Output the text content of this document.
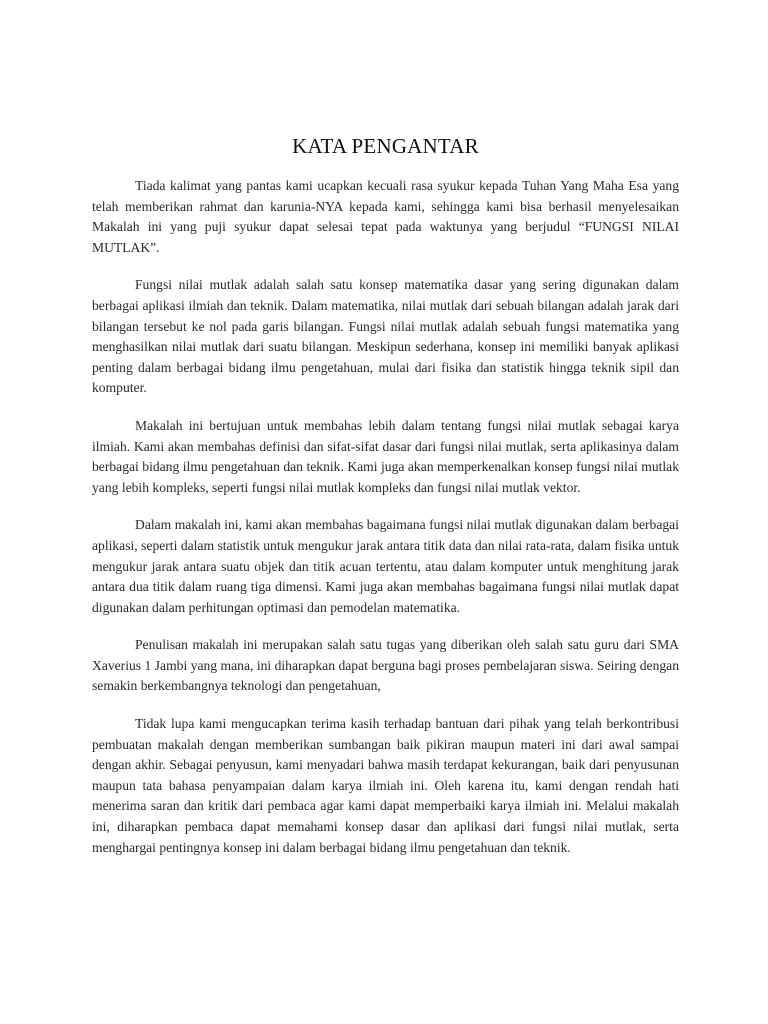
KATA PENGANTAR

Tiada kalimat yang pantas kami ucapkan kecuali rasa syukur kepada Tuhan Yang Maha Esa yang telah memberikan rahmat dan karunia-NYA kepada kami, sehingga kami bisa berhasil menyelesaikan Makalah ini yang puji syukur dapat selesai tepat pada waktunya yang berjudul “FUNGSI NILAI MUTLAK”.

Fungsi nilai mutlak adalah salah satu konsep matematika dasar yang sering digunakan dalam berbagai aplikasi ilmiah dan teknik. Dalam matematika, nilai mutlak dari sebuah bilangan adalah jarak dari bilangan tersebut ke nol pada garis bilangan. Fungsi nilai mutlak adalah sebuah fungsi matematika yang menghasilkan nilai mutlak dari suatu bilangan. Meskipun sederhana, konsep ini memiliki banyak aplikasi penting dalam berbagai bidang ilmu pengetahuan, mulai dari fisika dan statistik hingga teknik sipil dan komputer.

Makalah ini bertujuan untuk membahas lebih dalam tentang fungsi nilai mutlak sebagai karya ilmiah. Kami akan membahas definisi dan sifat-sifat dasar dari fungsi nilai mutlak, serta aplikasinya dalam berbagai bidang ilmu pengetahuan dan teknik. Kami juga akan memperkenalkan konsep fungsi nilai mutlak yang lebih kompleks, seperti fungsi nilai mutlak kompleks dan fungsi nilai mutlak vektor.

Dalam makalah ini, kami akan membahas bagaimana fungsi nilai mutlak digunakan dalam berbagai aplikasi, seperti dalam statistik untuk mengukur jarak antara titik data dan nilai rata-rata, dalam fisika untuk mengukur jarak antara suatu objek dan titik acuan tertentu, atau dalam komputer untuk menghitung jarak antara dua titik dalam ruang tiga dimensi. Kami juga akan membahas bagaimana fungsi nilai mutlak dapat digunakan dalam perhitungan optimasi dan pemodelan matematika.

Penulisan makalah ini merupakan salah satu tugas yang diberikan oleh salah satu guru dari SMA Xaverius 1 Jambi yang mana, ini diharapkan dapat berguna bagi proses pembelajaran siswa. Seiring dengan semakin berkembangnya teknologi dan pengetahuan,

Tidak lupa kami mengucapkan terima kasih terhadap bantuan dari pihak yang telah berkontribusi pembuatan makalah dengan memberikan sumbangan baik pikiran maupun materi ini dari awal sampai dengan akhir. Sebagai penyusun, kami menyadari bahwa masih terdapat kekurangan, baik dari penyusunan maupun tata bahasa penyampaian dalam karya ilmiah ini. Oleh karena itu, kami dengan rendah hati menerima saran dan kritik dari pembaca agar kami dapat memperbaiki karya ilmiah ini. Melalui makalah ini, diharapkan pembaca dapat memahami konsep dasar dan aplikasi dari fungsi nilai mutlak, serta menghargai pentingnya konsep ini dalam berbagai bidang ilmu pengetahuan dan teknik.
